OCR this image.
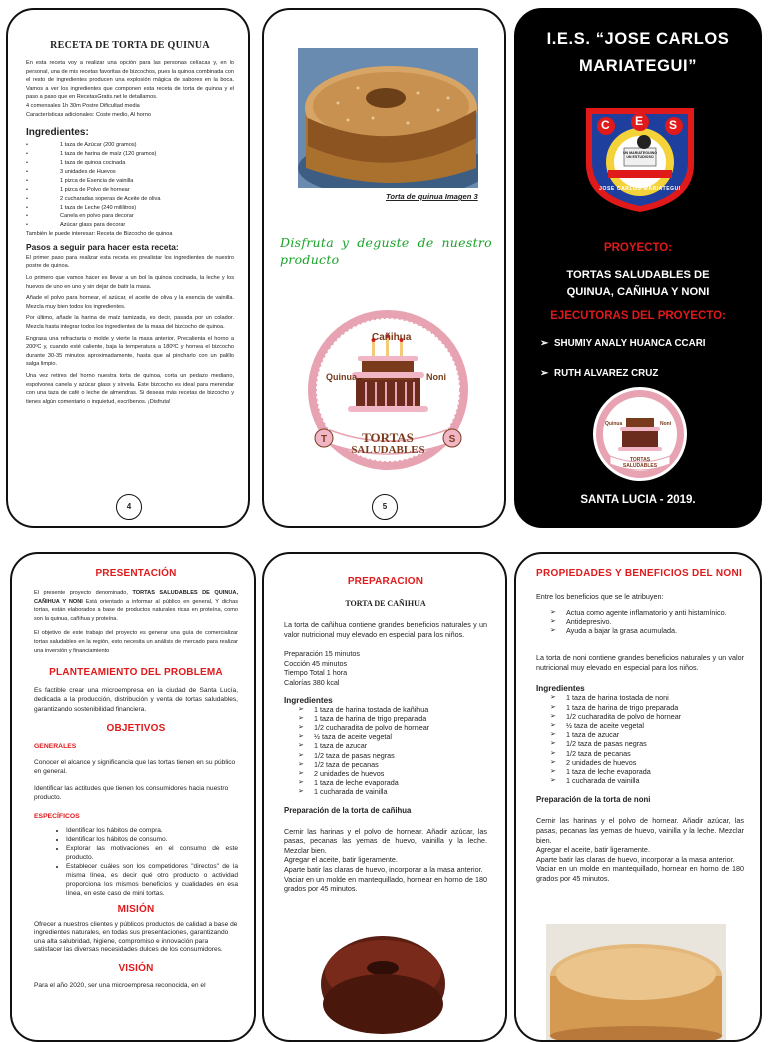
RECETA DE TORTA DE QUINUA
En esta receta voy a realizar una opción para las personas celíacas y, en lo personal, una de mis recetas favoritas de bizcochos, pues la quinoa combinada con el resto de ingredientes producen una explosión mágica de sabores en la boca. Vamos a ver los ingredientes que componen esta receta de torta de quinoa y el paso a paso que en RecetasGratis.net le detallamos.
4 comensales 1h 30m Postre Dificultad media
Características adicionales: Coste medio, Al horno
Ingredientes:
• 1 taza de Azúcar (200 gramos)
• 1 taza de harina de maíz (120 gramos)
• 1 taza de quinoa cocinada
• 3 unidades de Huevos
• 1 pizca de Esencia de vainilla
• 1 pizca de Polvo de hornear
• 2 cucharadas soperas de Aceite de oliva
• 1 taza de Leche (240 mililitros)
• Canela en polvo para decorar
• Azúcar glass para decorar
También le puede interesar: Receta de Bizcocho de quinoa
Pasos a seguir para hacer esta receta:
El primer paso para realizar esta receta es prealistar los ingredientes de nuestro postre de quinoa.
Lo primero que vamos hacer es llevar a un bol la quinoa cocinada, la leche y los huevos de uno en uno y sin dejar de batir la masa.
Añade el polvo para hornear, el azúcar, el aceite de oliva y la esencia de vainilla. Mezcla muy bien todos los ingredientes.
Por último, añade la harina de maíz tamizada, es decir, pasada por un colador. Mezcla hasta integrar todos los ingredientes de la masa del bizcocho de quinoa.
Engrasa una refractaria o molde y vierte la masa anterior. Precalienta el horno a 200ºC y, cuando esté caliente, baja la temperatura a 180ºC y hornea el bizcocho durante 30-35 minutos aproximadamente, hasta que al pincharlo con un palillo salga limpio.
Una vez retires del horno nuestra torta de quinoa, corta un pedazo mediano, espolvorea canela y azúcar glass y sírvela. Este bizcocho es ideal para merendar con una taza de café o leche de almendras. Si deseas más recetas de bizcocho y tienes algún comentario o inquietud, escríbenos. ¡Disfruta!
4
Torta de quinua Imagen 3
Disfruta y deguste de nuestro producto
T	S
Cañihua
Quinua	Noni
TORTAS
SALUDABLES
5
I.E.S. “JOSE CARLOS MARIATEGUI”
C E S
UN MARIATEGUINO UN ESTUDIOSO
JOSE CARLOS MARIATEGUI
PROYECTO:
TORTAS SALUDABLES DE QUINUA, CAÑIHUA Y NONI
EJECUTORAS DEL PROYECTO:
➢ SHUMIY ANALY HUANCA CCARI
➢ RUTH ALVAREZ CRUZ
Quinua	Noni
TORTAS SALUDABLES
SANTA LUCIA - 2019.
PRESENTACIÓN
El presente proyecto denominado, TORTAS SALUDABLES DE QUINUA, CAÑIHUA Y NONI Está orientado a informar al público en general, Y dichas tortas, están elaborados a base de productos naturales ricas en proteína, como son la quinua, cañihua y proteína.
El objetivo de este trabajo del proyecto es generar una guía de comercializar tortas saludables en la región, esto necesita un análisis de mercado para realizar una inversión y financiamiento
PLANTEAMIENTO DEL PROBLEMA
Es factible crear una microempresa en la ciudad de Santa Lucía, dedicada a la producción, distribución y venta de tortas saludables, garantizando sostenibilidad financiera.
OBJETIVOS
GENERALES
Conocer el alcance y significancia que las tortas tienen en su público en general.
Identificar las actitudes que tienen los consumidores hacia nuestro producto.
ESPECÍFICOS
• Identificar los hábitos de compra.
• Identificar los hábitos de consumo.
• Explorar las motivaciones en el consumo de este producto.
• Establecer cuáles son los competidores "directos" de la misma línea, es decir qué otro producto o actividad proporciona los mismos beneficios y cualidades en esa línea, en este caso de mini tortas.
MISIÓN
Ofrecer a nuestros clientes y públicos productos de calidad a base de ingredientes naturales, en todas sus presentaciones, garantizando una alta salubridad, higiene, compromiso e innovación para satisfacer las diversas necesidades dulces de los consumidores.
VISIÓN
Para el año 2020, ser una microempresa reconocida, en el
PREPARACION
TORTA DE CAÑIHUA
La torta de cañihua contiene grandes beneficios naturales y un valor nutricional muy elevado en especial para los niños.
Preparación 15 minutos
Cocción 45 minutos
Tiempo Total 1 hora
Calorías 380 kcal
Ingredientes
➢ 1 taza de harina tostada de kañihua
➢ 1 taza de harina de trigo preparada
➢ 1/2 cucharadita de polvo de hornear
➢ ½ taza de aceite vegetal
➢ 1 taza de azucar
➢ 1/2 taza de pasas negras
➢ 1/2 taza de pecanas
➢ 2 unidades de huevos
➢ 1 taza de leche evaporada
➢ 1 cucharada de vainilla
Preparación de la torta de cañihua
Cernir las harinas y el polvo de hornear. Añadir azúcar, las pasas, pecanas las yemas de huevo, vainilla y la leche. Mezclar bien.
Agregar el aceite, batir ligeramente.
Aparte batir las claras de huevo, incorporar a la masa anterior.
Vaciar en un molde en mantequillado, hornear en horno de 180 grados por 45 minutos.
PROPIEDADES Y BENEFICIOS DEL NONI
Entre los beneficios que se le atribuyen:
➢ Actua como agente inflamatorio y anti histamínico.
➢ Antidepresivo.
➢ Ayuda a bajar la grasa acumulada.
La torta de noni contiene grandes beneficios naturales y un valor nutricional muy elevado en especial para los niños.
Ingredientes
➢ 1 taza de harina tostada de noni
➢ 1 taza de harina de trigo preparada
➢ 1/2 cucharadita de polvo de hornear
➢ ½ taza de aceite vegetal
➢ 1 taza de azucar
➢ 1/2 taza de pasas negras
➢ 1/2 taza de pecanas
➢ 2 unidades de huevos
➢ 1 taza de leche evaporada
➢ 1 cucharada de vainilla
Preparación de la torta de noni
Cernir las harinas y el polvo de hornear. Añadir azúcar, las pasas, pecanas las yemas de huevo, vainilla y la leche. Mezclar bien.
Agregar el aceite, batir ligeramente.
Aparte batir las claras de huevo, incorporar a la masa anterior.
Vaciar en un molde en mantequillado, hornear en horno de 180 grados por 45 minutos.
